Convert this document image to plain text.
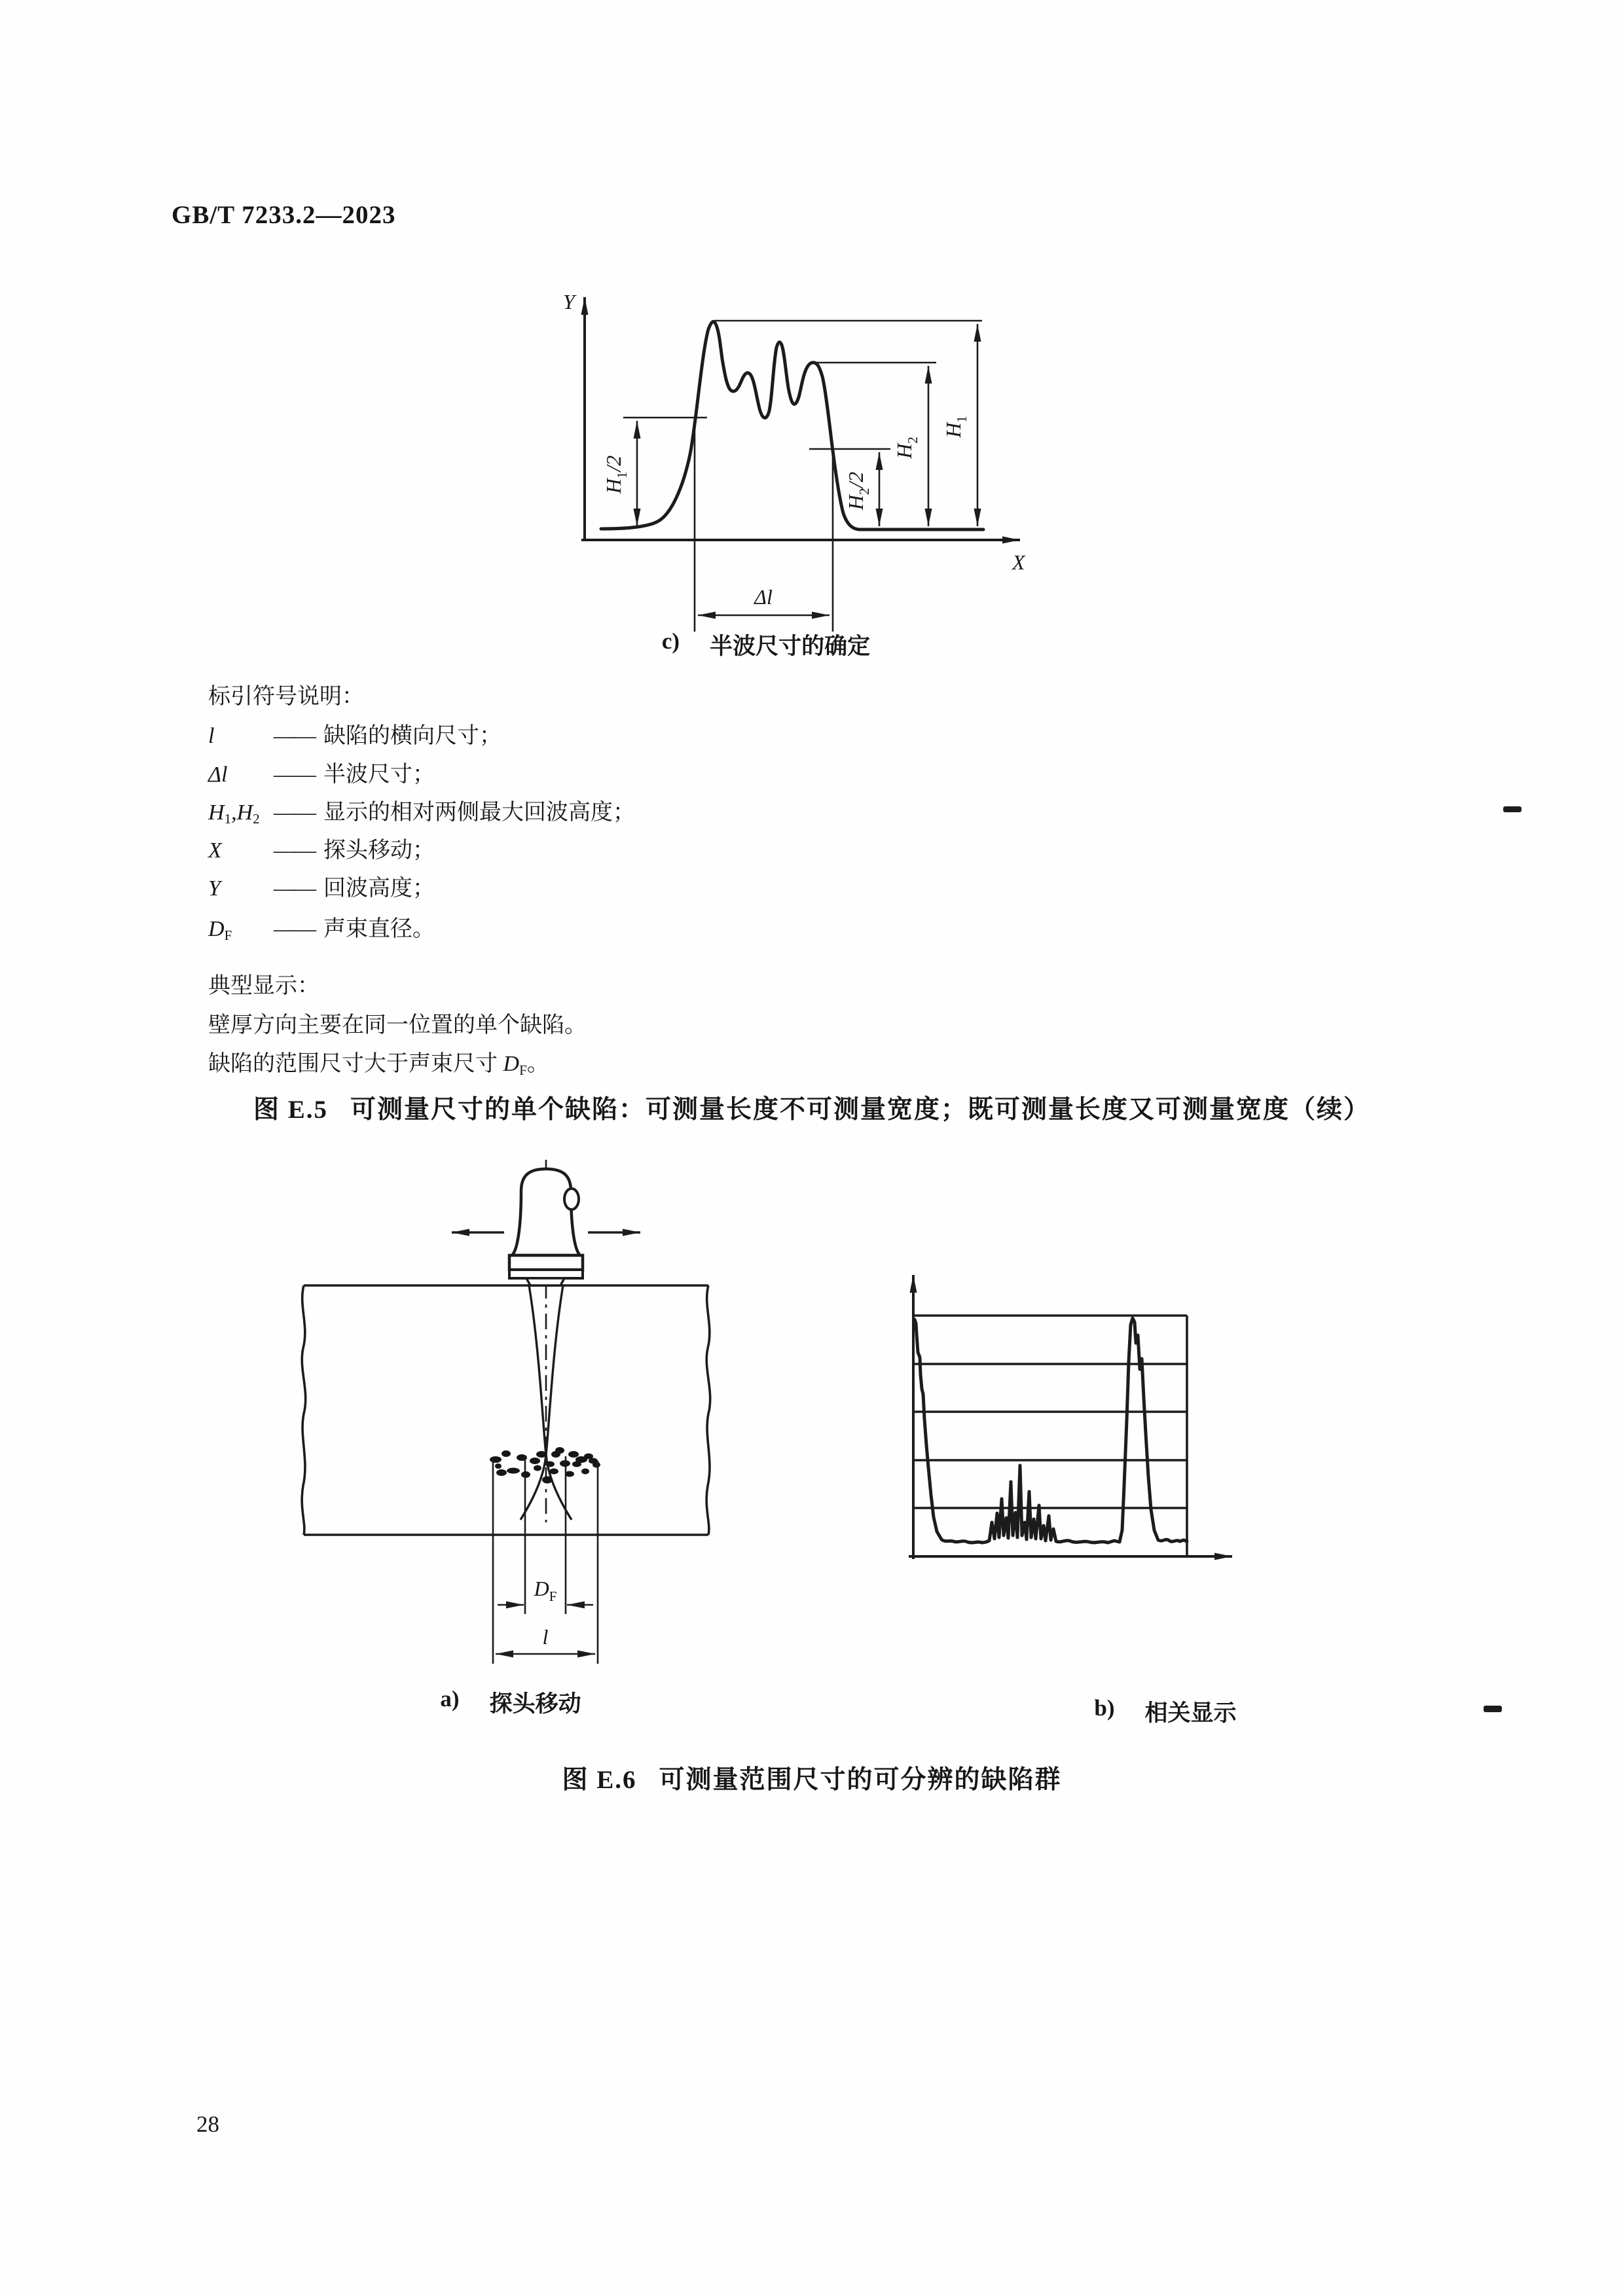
GB/T 7233.2—2023
Y
X
$H_1/2$
$H_2/2$
$H_2$
$H_1$
Δl
c) 半波尺寸的确定
标引符号说明：
l	—— 缺陷的横向尺寸；
Δl	—— 半波尺寸；
$H_1,H_2$ —— 显示的相对两侧最大回波高度；
X	—— 探头移动；
Y	—— 回波高度；
$D_F$	—— 声束直径。
典型显示：
壁厚方向主要在同一位置的单个缺陷。
缺陷的范围尺寸大于声束尺寸 $D_F$。
图 E.5 可测量尺寸的单个缺陷：可测量长度不可测量宽度；既可测量长度又可测量宽度（续）
$D_F$
l
a) 探头移动	b) 相关显示
图 E.6 可测量范围尺寸的可分辨的缺陷群
28
